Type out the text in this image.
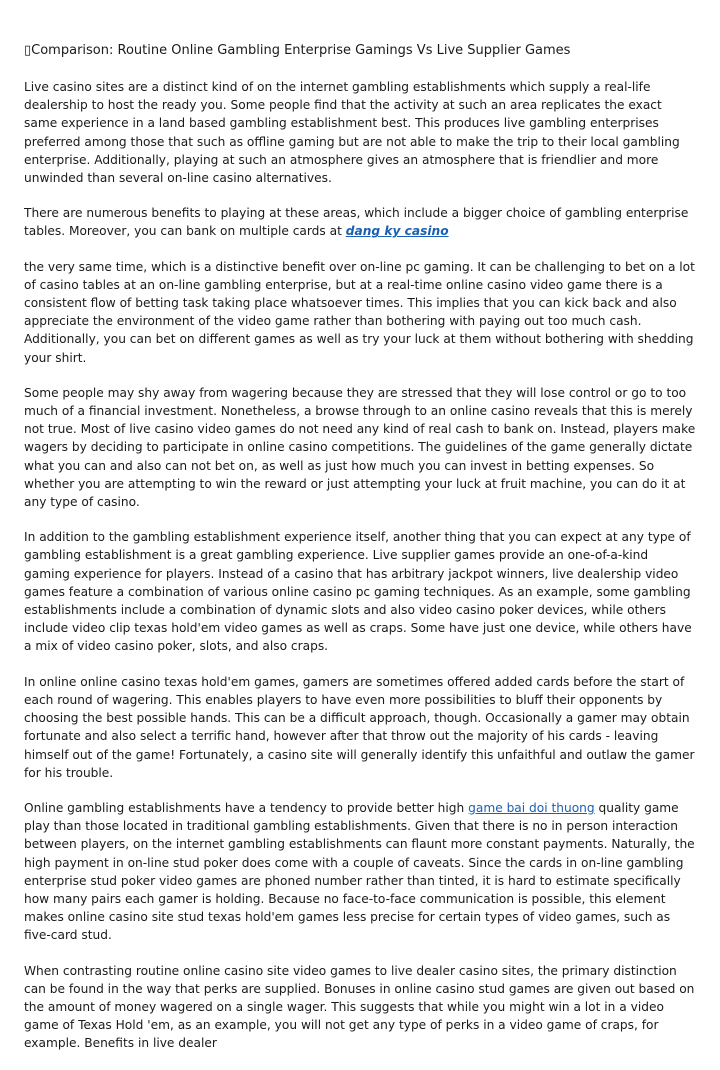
▯Comparison: Routine Online Gambling Enterprise Gamings Vs Live Supplier Games

Live casino sites are a distinct kind of on the internet gambling establishments which supply a real-life dealership to host the ready you. Some people find that the activity at such an area replicates the exact same experience in a land based gambling establishment best. This produces live gambling enterprises preferred among those that such as offline gaming but are not able to make the trip to their local gambling enterprise. Additionally, playing at such an atmosphere gives an atmosphere that is friendlier and more unwinded than several on-line casino alternatives.

There are numerous benefits to playing at these areas, which include a bigger choice of gambling enterprise tables. Moreover, you can bank on multiple cards at dang ky casino

the very same time, which is a distinctive benefit over on-line pc gaming. It can be challenging to bet on a lot of casino tables at an on-line gambling enterprise, but at a real-time online casino video game there is a consistent flow of betting task taking place whatsoever times. This implies that you can kick back and also appreciate the environment of the video game rather than bothering with paying out too much cash. Additionally, you can bet on different games as well as try your luck at them without bothering with shedding your shirt.

Some people may shy away from wagering because they are stressed that they will lose control or go to too much of a financial investment. Nonetheless, a browse through to an online casino reveals that this is merely not true. Most of live casino video games do not need any kind of real cash to bank on. Instead, players make wagers by deciding to participate in online casino competitions. The guidelines of the game generally dictate what you can and also can not bet on, as well as just how much you can invest in betting expenses. So whether you are attempting to win the reward or just attempting your luck at fruit machine, you can do it at any type of casino.

In addition to the gambling establishment experience itself, another thing that you can expect at any type of gambling establishment is a great gambling experience. Live supplier games provide an one-of-a-kind gaming experience for players. Instead of a casino that has arbitrary jackpot winners, live dealership video games feature a combination of various online casino pc gaming techniques. As an example, some gambling establishments include a combination of dynamic slots and also video casino poker devices, while others include video clip texas hold'em video games as well as craps. Some have just one device, while others have a mix of video casino poker, slots, and also craps.

In online online casino texas hold'em games, gamers are sometimes offered added cards before the start of each round of wagering. This enables players to have even more possibilities to bluff their opponents by choosing the best possible hands. This can be a difficult approach, though. Occasionally a gamer may obtain fortunate and also select a terrific hand, however after that throw out the majority of his cards - leaving himself out of the game! Fortunately, a casino site will generally identify this unfaithful and outlaw the gamer for his trouble.

Online gambling establishments have a tendency to provide better high game bai doi thuong quality game play than those located in traditional gambling establishments. Given that there is no in person interaction between players, on the internet gambling establishments can flaunt more constant payments. Naturally, the high payment in on-line stud poker does come with a couple of caveats. Since the cards in on-line gambling enterprise stud poker video games are phoned number rather than tinted, it is hard to estimate specifically how many pairs each gamer is holding. Because no face-to-face communication is possible, this element makes online casino site stud texas hold'em games less precise for certain types of video games, such as five-card stud.

When contrasting routine online casino site video games to live dealer casino sites, the primary distinction can be found in the way that perks are supplied. Bonuses in online casino stud games are given out based on the amount of money wagered on a single wager. This suggests that while you might win a lot in a video game of Texas Hold 'em, as an example, you will not get any type of perks in a video game of craps, for example. Benefits in live dealer
